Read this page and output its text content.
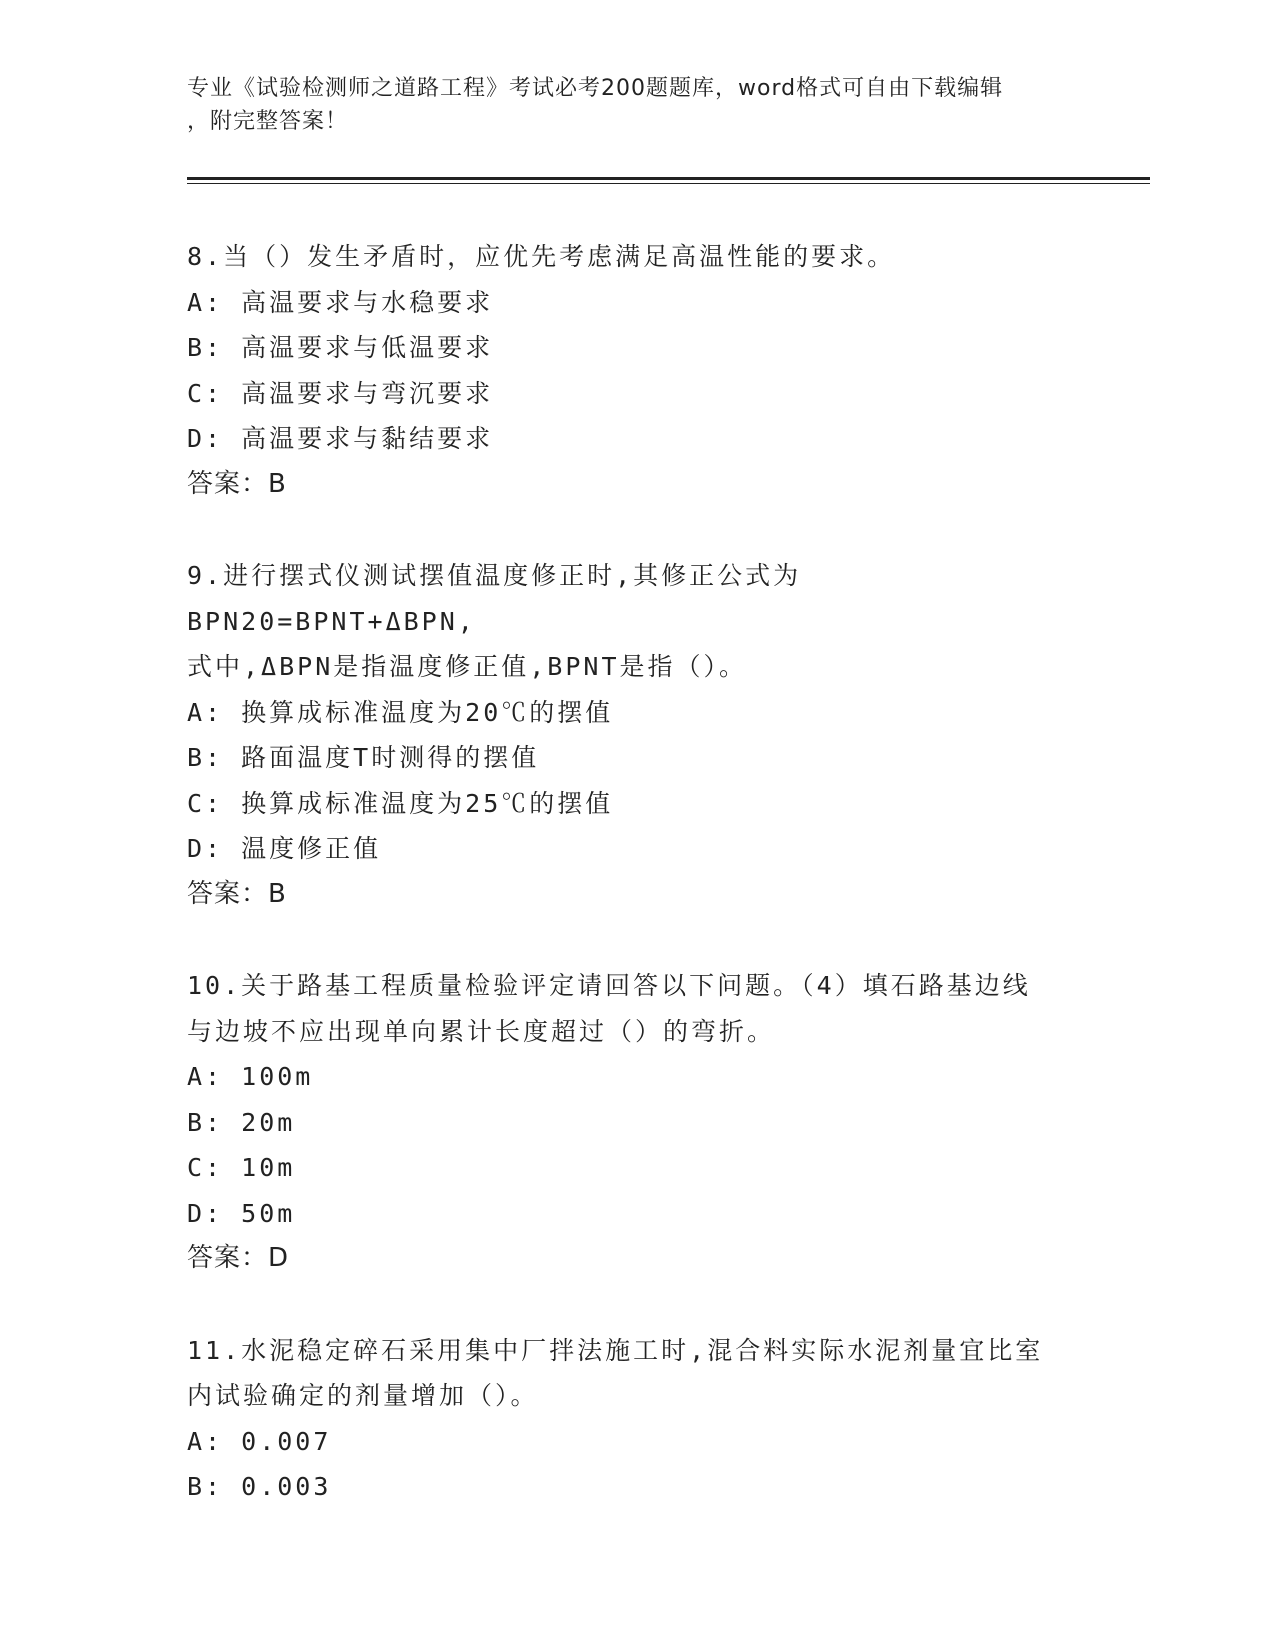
专业《试验检测师之道路工程》考试必考200题题库，word格式可自由下载编辑
，附完整答案！
8.当（）发生矛盾时，应优先考虑满足高温性能的要求。
A: 高温要求与水稳要求
B: 高温要求与低温要求
C: 高温要求与弯沉要求
D: 高温要求与黏结要求
答案：B
9.进行摆式仪测试摆值温度修正时,其修正公式为BPN20=BPNT+ΔBPN,
式中,ΔBPN是指温度修正值,BPNT是指（）。
A: 换算成标准温度为20℃的摆值
B: 路面温度T时测得的摆值
C: 换算成标准温度为25℃的摆值
D: 温度修正值
答案：B
10.关于路基工程质量检验评定请回答以下问题。（4）填石路基边线
与边坡不应出现单向累计长度超过（）的弯折。
A: 100m
B: 20m
C: 10m
D: 50m
答案：D
11.水泥稳定碎石采用集中厂拌法施工时,混合料实际水泥剂量宜比室
内试验确定的剂量增加（）。
A: 0.007
B: 0.003
